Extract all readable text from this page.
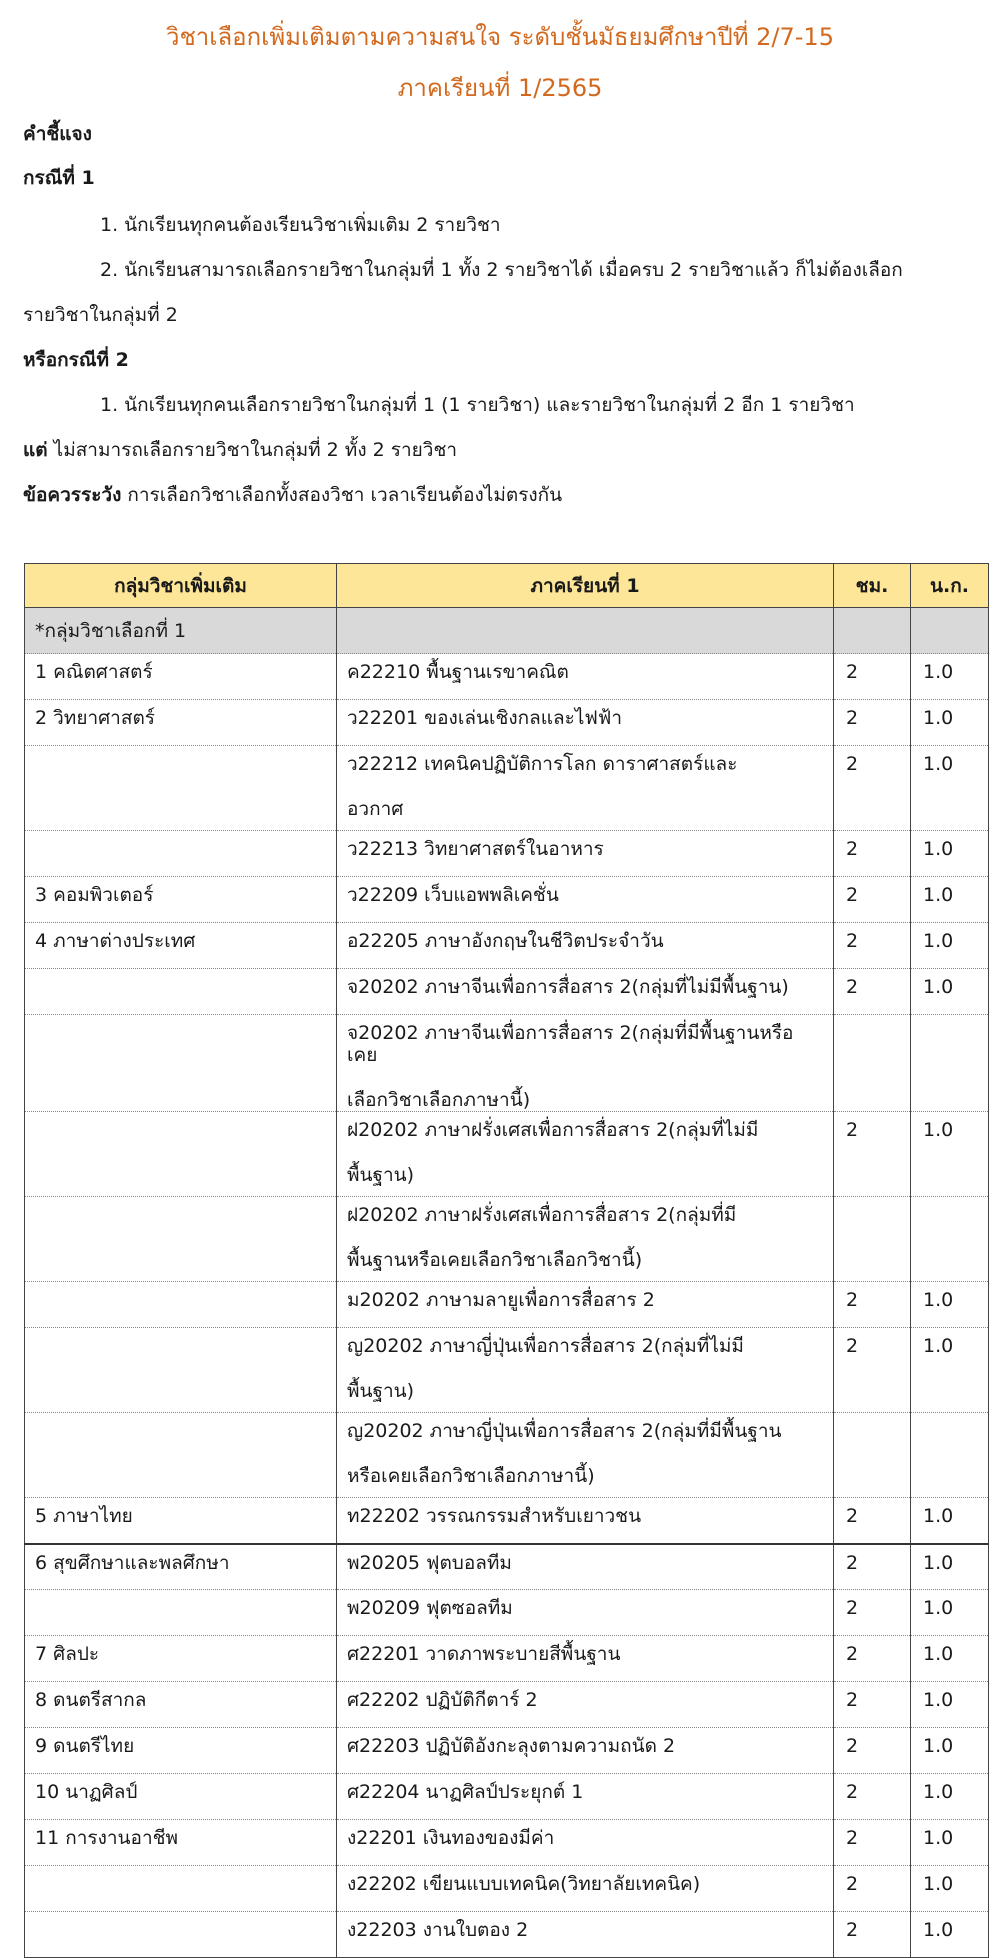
วิชาเลือกเพิ่มเติมตามความสนใจ ระดับชั้นมัธยมศึกษาปีที่ 2/7-15
ภาคเรียนที่ 1/2565
คำชี้แจง
กรณีที่ 1
1. นักเรียนทุกคนต้องเรียนวิชาเพิ่มเติม 2 รายวิชา
2. นักเรียนสามารถเลือกรายวิชาในกลุ่มที่ 1 ทั้ง 2 รายวิชาได้ เมื่อครบ 2 รายวิชาแล้ว ก็ไม่ต้องเลือก
รายวิชาในกลุ่มที่ 2
หรือกรณีที่ 2
1. นักเรียนทุกคนเลือกรายวิชาในกลุ่มที่ 1 (1 รายวิชา) และรายวิชาในกลุ่มที่ 2 อีก 1 รายวิชา
แต่ ไม่สามารถเลือกรายวิชาในกลุ่มที่ 2 ทั้ง 2 รายวิชา
ข้อควรระวัง การเลือกวิชาเลือกทั้งสองวิชา เวลาเรียนต้องไม่ตรงกัน
กลุ่มวิชาเพิ่มเติม	ภาคเรียนที่ 1	ชม.	น.ก.
*กลุ่มวิชาเลือกที่ 1			

1 คณิตศาสตร์	ค22210 พื้นฐานเรขาคณิต	2	1.0

2 วิทยาศาสตร์	ว22201 ของเล่นเชิงกลและไฟฟ้า	2	1.0

	ว22212 เทคนิคปฏิบัติการโลก ดาราศาสตร์และ
อวกาศ	2	1.0

	ว22213 วิทยาศาสตร์ในอาหาร	2	1.0

3 คอมพิวเตอร์	ว22209 เว็บแอพพลิเคชั่น	2	1.0

4 ภาษาต่างประเทศ	อ22205 ภาษาอังกฤษในชีวิตประจำวัน	2	1.0

	จ20202 ภาษาจีนเพื่อการสื่อสาร 2(กลุ่มที่ไม่มีพื้นฐาน)	2	1.0

	จ20202 ภาษาจีนเพื่อการสื่อสาร 2(กลุ่มที่มีพื้นฐานหรือเคย
เลือกวิชาเลือกภาษานี้)		

	ฝ20202 ภาษาฝรั่งเศสเพื่อการสื่อสาร 2(กลุ่มที่ไม่มี
พื้นฐาน)	2	1.0

	ฝ20202 ภาษาฝรั่งเศสเพื่อการสื่อสาร 2(กลุ่มที่มี
พื้นฐานหรือเคยเลือกวิชาเลือกวิชานี้)		

	ม20202 ภาษามลายูเพื่อการสื่อสาร 2	2	1.0

	ญ20202 ภาษาญี่ปุ่นเพื่อการสื่อสาร 2(กลุ่มที่ไม่มี
พื้นฐาน)	2	1.0

	ญ20202 ภาษาญี่ปุ่นเพื่อการสื่อสาร 2(กลุ่มที่มีพื้นฐาน
หรือเคยเลือกวิชาเลือกภาษานี้)		

5 ภาษาไทย	ท22202 วรรณกรรมสำหรับเยาวชน	2	1.0

6 สุขศึกษาและพลศึกษา	พ20205 ฟุตบอลทีม	2	1.0

	พ20209 ฟุตซอลทีม	2	1.0

7 ศิลปะ	ศ22201 วาดภาพระบายสีพื้นฐาน	2	1.0

8 ดนตรีสากล	ศ22202 ปฏิบัติกีตาร์ 2	2	1.0

9 ดนตรีไทย	ศ22203 ปฏิบัติอังกะลุงตามความถนัด 2	2	1.0

10 นาฏศิลป์	ศ22204 นาฏศิลป์ประยุกต์ 1	2	1.0

11 การงานอาชีพ	ง22201 เงินทองของมีค่า	2	1.0

	ง22202 เขียนแบบเทคนิค(วิทยาลัยเทคนิค)	2	1.0

	ง22203 งานใบตอง 2	2	1.0
